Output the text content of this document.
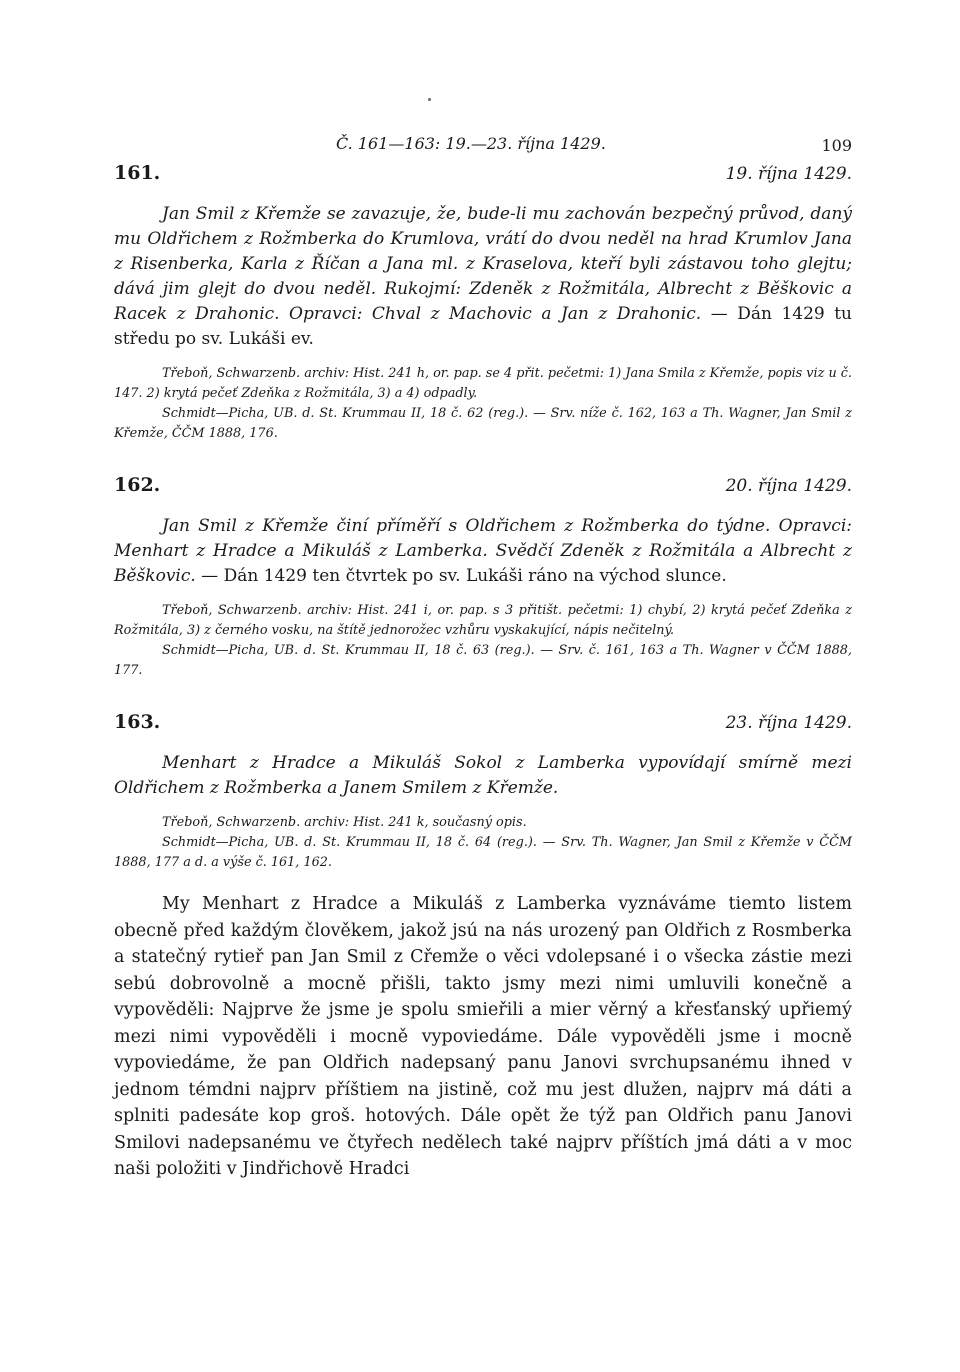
Č. 161—163: 19.—23. října 1429.	109
161.	19. října 1429.

Jan Smil z Křemže se zavazuje, že, bude-li mu zachován bezpečný průvod, daný mu Oldřichem z Rožmberka do Krumlova, vrátí do dvou neděl na hrad Krumlov Jana z Risenberka, Karla z Říčan a Jana ml. z Kraselova, kteří byli zástavou toho glejtu; dává jim glejt do dvou neděl. Rukojmí: Zdeněk z Rožmitála, Albrecht z Běškovic a Racek z Drahonic. Opravci: Chval z Machovic a Jan z Drahonic. — Dán 1429 tu středu po sv. Lukáši ev.

Třeboň, Schwarzenb. archiv: Hist. 241 h, or. pap. se 4 přit. pečetmi: 1) Jana Smila z Křemže, popis viz u č. 147. 2) krytá pečeť Zdeňka z Rožmitála, 3) a 4) odpadly.

Schmidt—Picha, UB. d. St. Krummau II, 18 č. 62 (reg.). — Srv. níže č. 162, 163 a Th. Wagner, Jan Smil z Křemže, ČČM 1888, 176.

162.	20. října 1429.

Jan Smil z Křemže činí příměří s Oldřichem z Rožmberka do týdne. Opravci: Menhart z Hradce a Mikuláš z Lamberka. Svědčí Zdeněk z Rožmitála a Albrecht z Běškovic. — Dán 1429 ten čtvrtek po sv. Lukáši ráno na východ slunce.

Třeboň, Schwarzenb. archiv: Hist. 241 i, or. pap. s 3 přitišt. pečetmi: 1) chybí, 2) krytá pečeť Zdeňka z Rožmitála, 3) z černého vosku, na štítě jednorožec vzhůru vyskakující, nápis nečitelný.

Schmidt—Picha, UB. d. St. Krummau II, 18 č. 63 (reg.). — Srv. č. 161, 163 a Th. Wagner v ČČM 1888, 177.

163.	23. října 1429.

Menhart z Hradce a Mikuláš Sokol z Lamberka vypovídají smírně mezi Oldřichem z Rožmberka a Janem Smilem z Křemže.

Třeboň, Schwarzenb. archiv: Hist. 241 k, současný opis.

Schmidt—Picha, UB. d. St. Krummau II, 18 č. 64 (reg.). — Srv. Th. Wagner, Jan Smil z Křemže v ČČM 1888, 177 a d. a výše č. 161, 162.

My Menhart z Hradce a Mikuláš z Lamberka vyznáváme tiemto listem obecně před každým člověkem, jakož jsú na nás urozený pan Oldřich z Rosmberka a statečný rytieř pan Jan Smil z Cřemže o věci vdolepsané i o všecka zástie mezi sebú dobrovolně a mocně přišli, takto jsmy mezi nimi umluvili konečně a vypověděli: Najprve že jsme je spolu smieřili a mier věrný a křesťanský upřiemý mezi nimi vypověděli i mocně vypoviedáme. Dále vypověděli jsme i mocně vypoviedáme, že pan Oldřich nadepsaný panu Janovi svrchupsanému ihned v jednom témdni najprv příštiem na jistině, což mu jest dlužen, najprv má dáti a splniti padesáte kop groš. hotových. Dále opět že týž pan Oldřich panu Janovi Smilovi nadepsanému ve čtyřech nedělech také najprv příštích jmá dáti a v moc naši položiti v Jindřichově Hradci
